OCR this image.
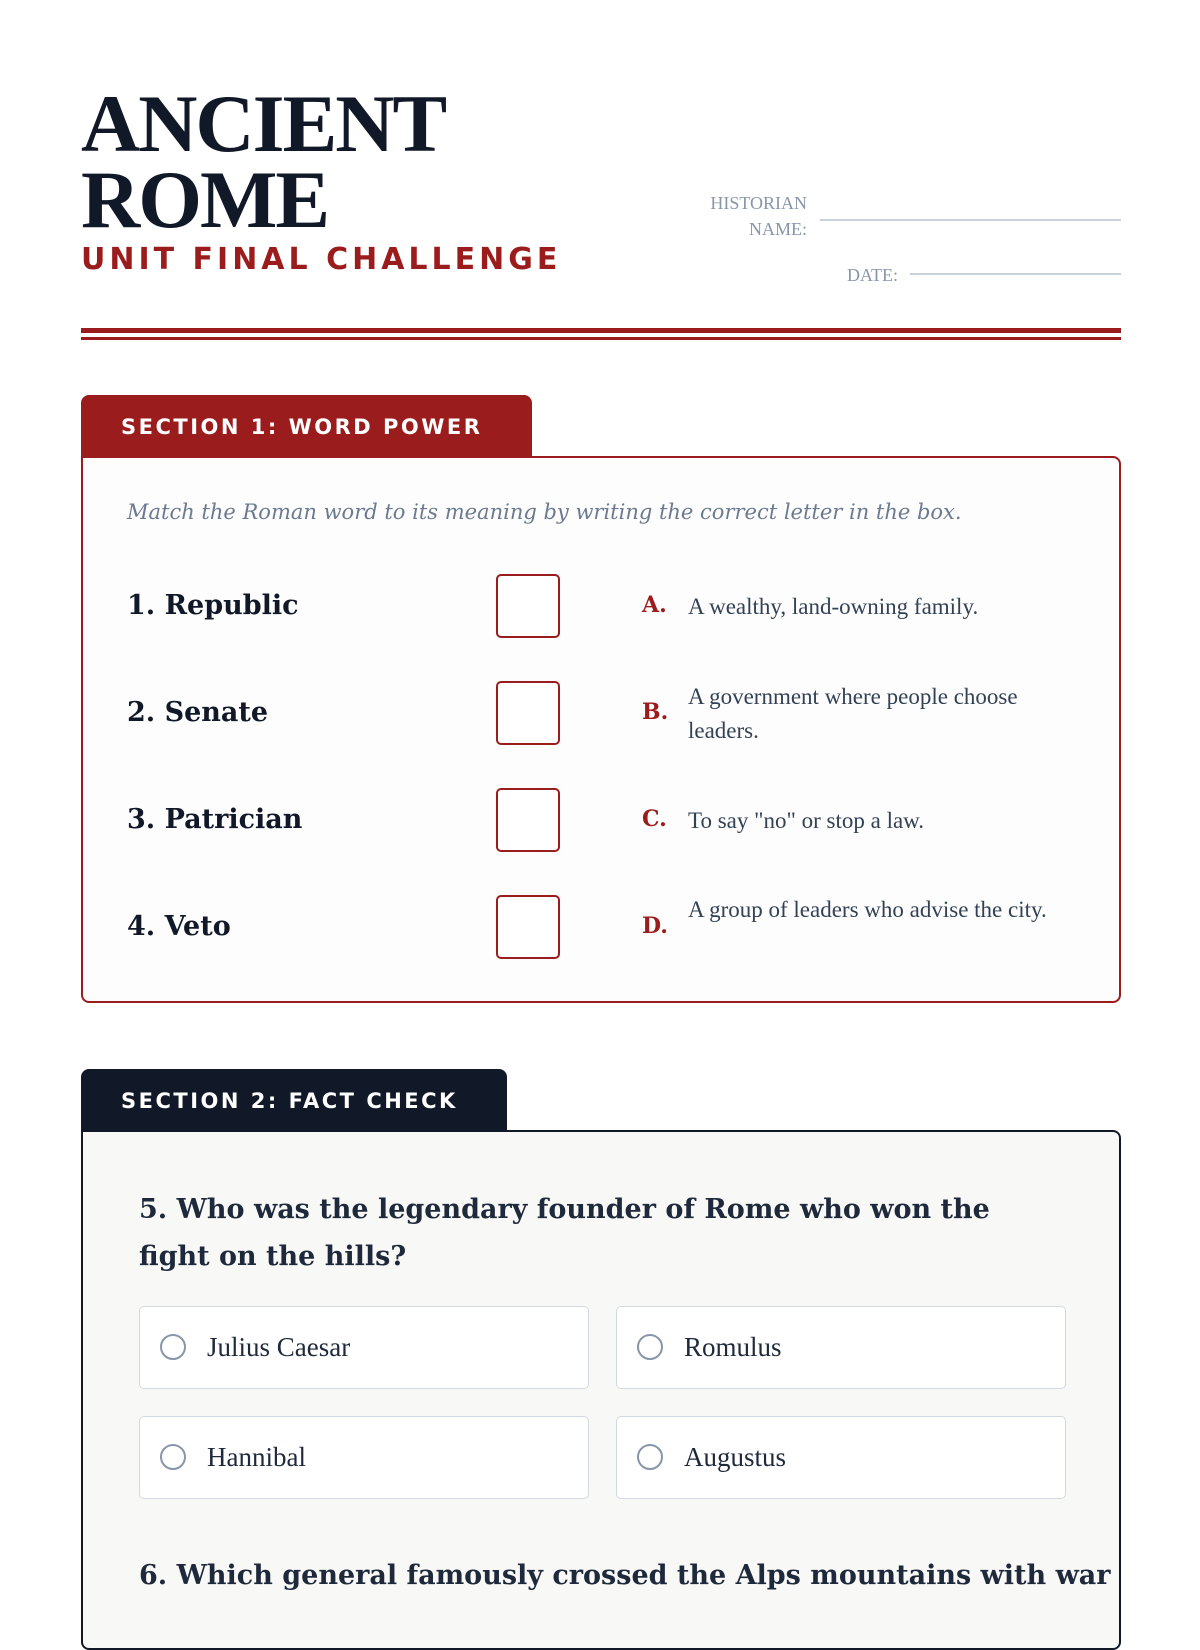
ANCIENT
ROME
UNIT FINAL CHALLENGE
HISTORIAN
NAME:
DATE:
SECTION 1: WORD POWER
Match the Roman word to its meaning by writing the correct letter in the box.
1. Republic	A. A wealthy, land-owning family.
2. Senate	B.
A government where people choose leaders.
3. Patrician	C. To say "no" or stop a law.
4. Veto	D.
A group of leaders who advise the city.
SECTION 2: FACT CHECK
5. Who was the legendary founder of Rome who won the fight on the hills?
Julius Caesar	Romulus
Hannibal	Augustus
6. Which general famously crossed the Alps mountains with war
